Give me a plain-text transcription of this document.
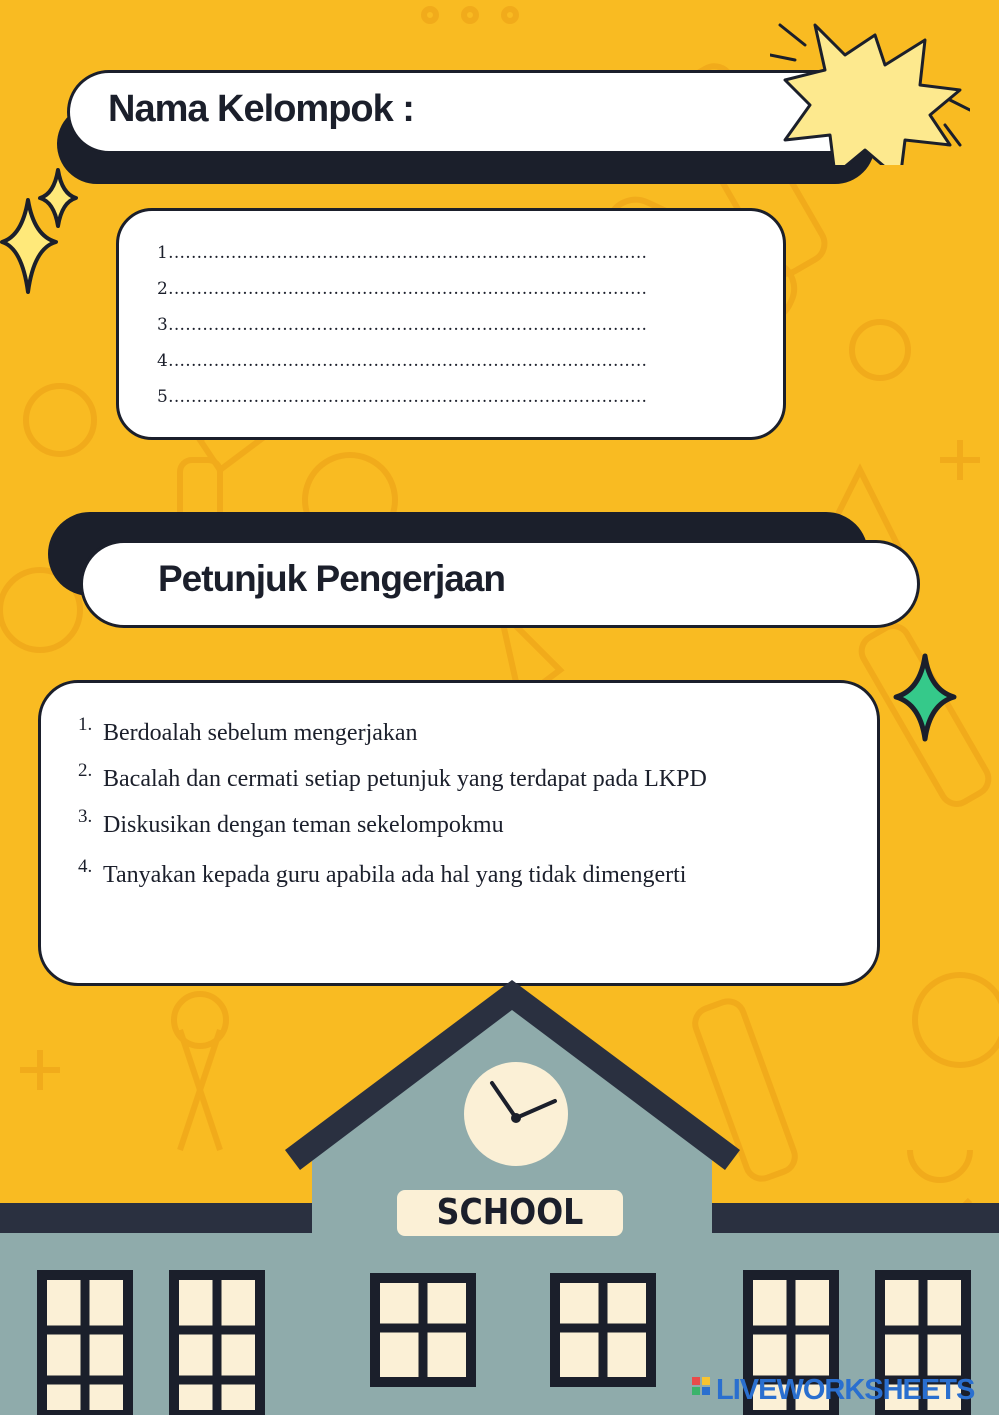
Nama Kelompok :
1....................................................................................
2....................................................................................
3....................................................................................
4....................................................................................
5....................................................................................
Petunjuk Pengerjaan
1. Berdoalah sebelum mengerjakan
2. Bacalah dan cermati setiap petunjuk yang terdapat pada LKPD
3. Diskusikan dengan teman sekelompokmu
4. Tanyakan kepada guru apabila ada hal yang tidak dimengerti
SCHOOL
LIVEWORKSHEETS
